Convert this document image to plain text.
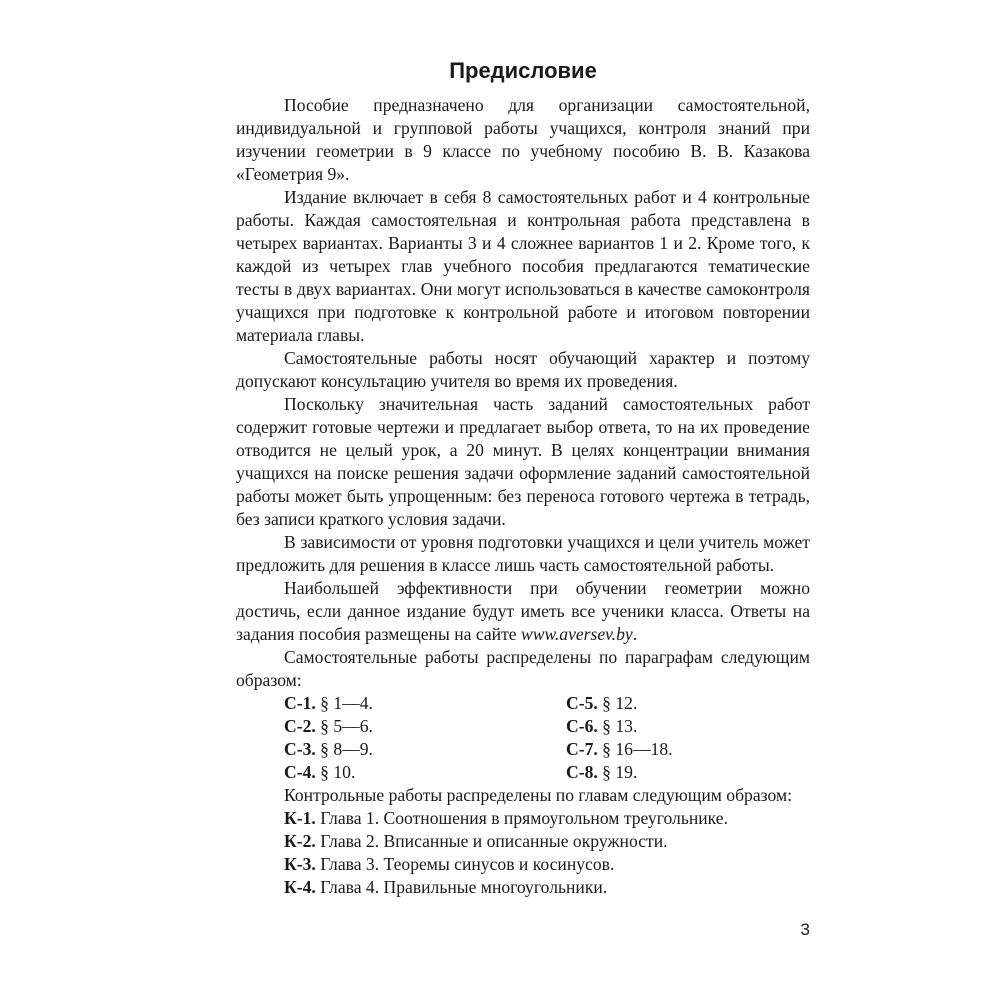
Предисловие

Пособие предназначено для организации самостоятельной, индивидуальной и групповой работы учащихся, контроля знаний при изучении геометрии в 9 классе по учебному пособию В. В. Казакова «Геометрия 9».

Издание включает в себя 8 самостоятельных работ и 4 контрольные работы. Каждая самостоятельная и контрольная работа представлена в четырех вариантах. Варианты 3 и 4 сложнее вариантов 1 и 2. Кроме того, к каждой из четырех глав учебного пособия предлагаются тематические тесты в двух вариантах. Они могут использоваться в качестве самоконтроля учащихся при подготовке к контрольной работе и итоговом повторении материала главы.

Самостоятельные работы носят обучающий характер и поэтому допускают консультацию учителя во время их проведения.

Поскольку значительная часть заданий самостоятельных работ содержит готовые чертежи и предлагает выбор ответа, то на их проведение отводится не целый урок, а 20 минут. В целях концентрации внимания учащихся на поиске решения задачи оформление заданий самостоятельной работы может быть упрощенным: без переноса готового чертежа в тетрадь, без записи краткого условия задачи.

В зависимости от уровня подготовки учащихся и цели учитель может предложить для решения в классе лишь часть самостоятельной работы.

Наибольшей эффективности при обучении геометрии можно достичь, если данное издание будут иметь все ученики класса. Ответы на задания пособия размещены на сайте www.aversev.by.

Самостоятельные работы распределены по параграфам следующим образом:

С-1. § 1—4.	С-5. § 12.
С-2. § 5—6.	С-6. § 13.
С-3. § 8—9.	С-7. § 16—18.
С-4. § 10.	С-8. § 19.

Контрольные работы распределены по главам следующим образом:

К-1. Глава 1. Соотношения в прямоугольном треугольнике.
К-2. Глава 2. Вписанные и описанные окружности.
К-3. Глава 3. Теоремы синусов и косинусов.
К-4. Глава 4. Правильные многоугольники.
3
